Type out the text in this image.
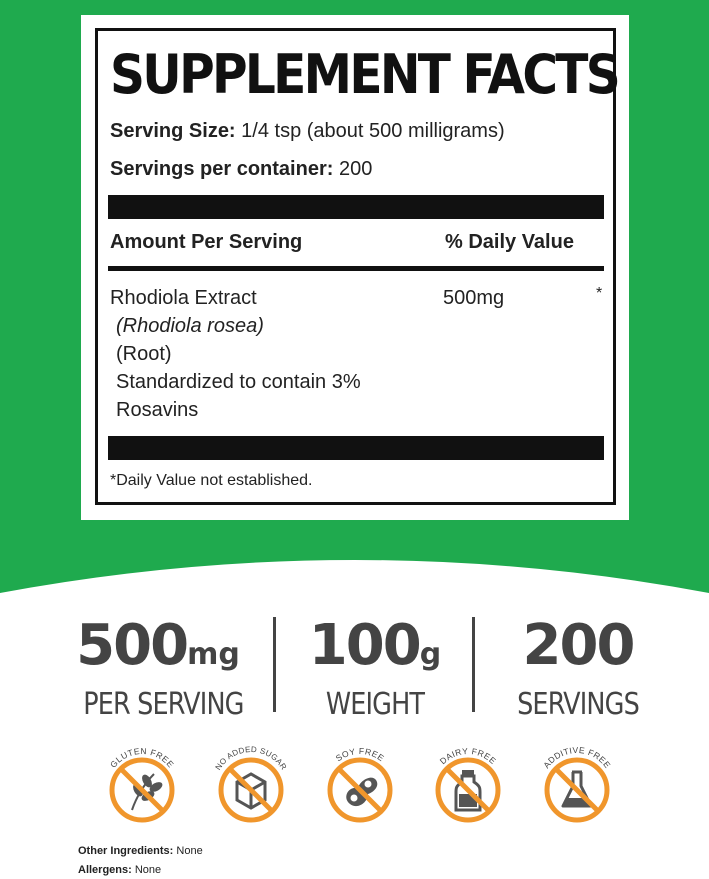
SUPPLEMENT FACTS
Serving Size: 1/4 tsp (about 500 milligrams)
Servings per container: 200
Amount Per Serving	% Daily Value
Rhodiola Extract
(Rhodiola rosea)
(Root)
Standardized to contain 3%
Rosavins
500mg	*
*Daily Value not established.
500mg
PER SERVING
100g
WEIGHT
200
SERVINGS
GLUTEN FREE	NO ADDED SUGAR
SOY FREE	DAIRY FREE	ADDITIVE FREE
Other Ingredients: None
Allergens: None
